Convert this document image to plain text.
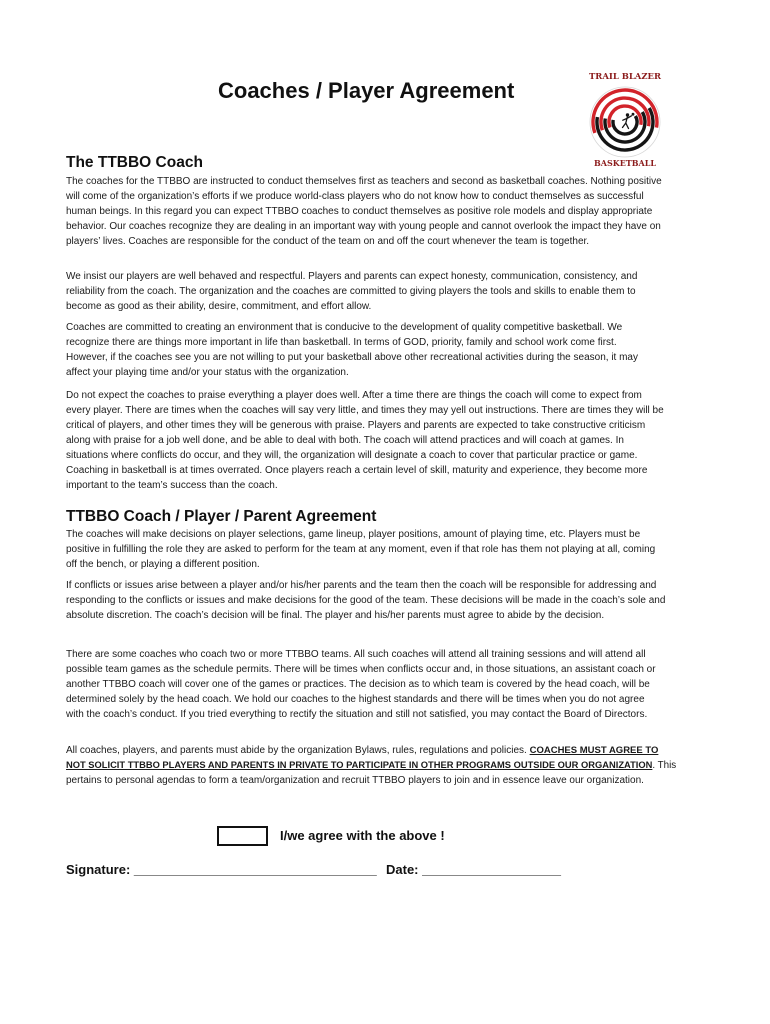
Coaches / Player Agreement
TRAIL BLAZER
BASKETBALL
The TTBBO Coach
The coaches for the TTBBO are instructed to conduct themselves first as teachers and second as basketball coaches. Nothing positive
will come of the organization’s efforts if we produce world-class players who do not know how to conduct themselves as successful
human beings. In this regard you can expect TTBBO coaches to conduct themselves as positive role models and display appropriate
behavior. Our coaches recognize they are dealing in an important way with young people and cannot overlook the impact they have on
players’ lives. Coaches are responsible for the conduct of the team on and off the court whenever the team is together.
We insist our players are well behaved and respectful. Players and parents can expect honesty, communication, consistency, and
reliability from the coach. The organization and the coaches are committed to giving players the tools and skills to enable them to
become as good as their ability, desire, commitment, and effort allow.
Coaches are committed to creating an environment that is conducive to the development of quality competitive basketball. We
recognize there are things more important in life than basketball. In terms of GOD, priority, family and school work come first.
However, if the coaches see you are not willing to put your basketball above other recreational activities during the season, it may
affect your playing time and/or your status with the organization.
Do not expect the coaches to praise everything a player does well. After a time there are things the coach will come to expect from
every player. There are times when the coaches will say very little, and times they may yell out instructions. There are times they will be
critical of players, and other times they will be generous with praise. Players and parents are expected to take constructive criticism
along with praise for a job well done, and be able to deal with both. The coach will attend practices and will coach at games. In
situations where conflicts do occur, and they will, the organization will designate a coach to cover that particular practice or game.
Coaching in basketball is at times overrated. Once players reach a certain level of skill, maturity and experience, they become more
important to the team’s success than the coach.
TTBBO Coach / Player / Parent Agreement
The coaches will make decisions on player selections, game lineup, player positions, amount of playing time, etc. Players must be
positive in fulfilling the role they are asked to perform for the team at any moment, even if that role has them not playing at all, coming
off the bench, or playing a different position.
If conflicts or issues arise between a player and/or his/her parents and the team then the coach will be responsible for addressing and
responding to the conflicts or issues and make decisions for the good of the team. These decisions will be made in the coach’s sole and
absolute discretion. The coach’s decision will be final. The player and his/her parents must agree to abide by the decision.
There are some coaches who coach two or more TTBBO teams. All such coaches will attend all training sessions and will attend all
possible team games as the schedule permits. There will be times when conflicts occur and, in those situations, an assistant coach or
another TTBBO coach will cover one of the games or practices. The decision as to which team is covered by the head coach, will be
determined solely by the head coach. We hold our coaches to the highest standards and there will be times when you do not agree
with the coach’s conduct. If you tried everything to rectify the situation and still not satisfied, you may contact the Board of Directors.
All coaches, players, and parents must abide by the organization Bylaws, rules, regulations and policies. COACHES MUST AGREE TO
NOT SOLICIT TTBBO PLAYERS AND PARENTS IN PRIVATE TO PARTICIPATE IN OTHER PROGRAMS OUTSIDE OUR ORGANIZATION. This
pertains to personal agendas to form a team/organization and recruit TTBBO players to join and in essence leave our organization.
I/we agree with the above !
Signature: ___________________________________ Date: ____________________
